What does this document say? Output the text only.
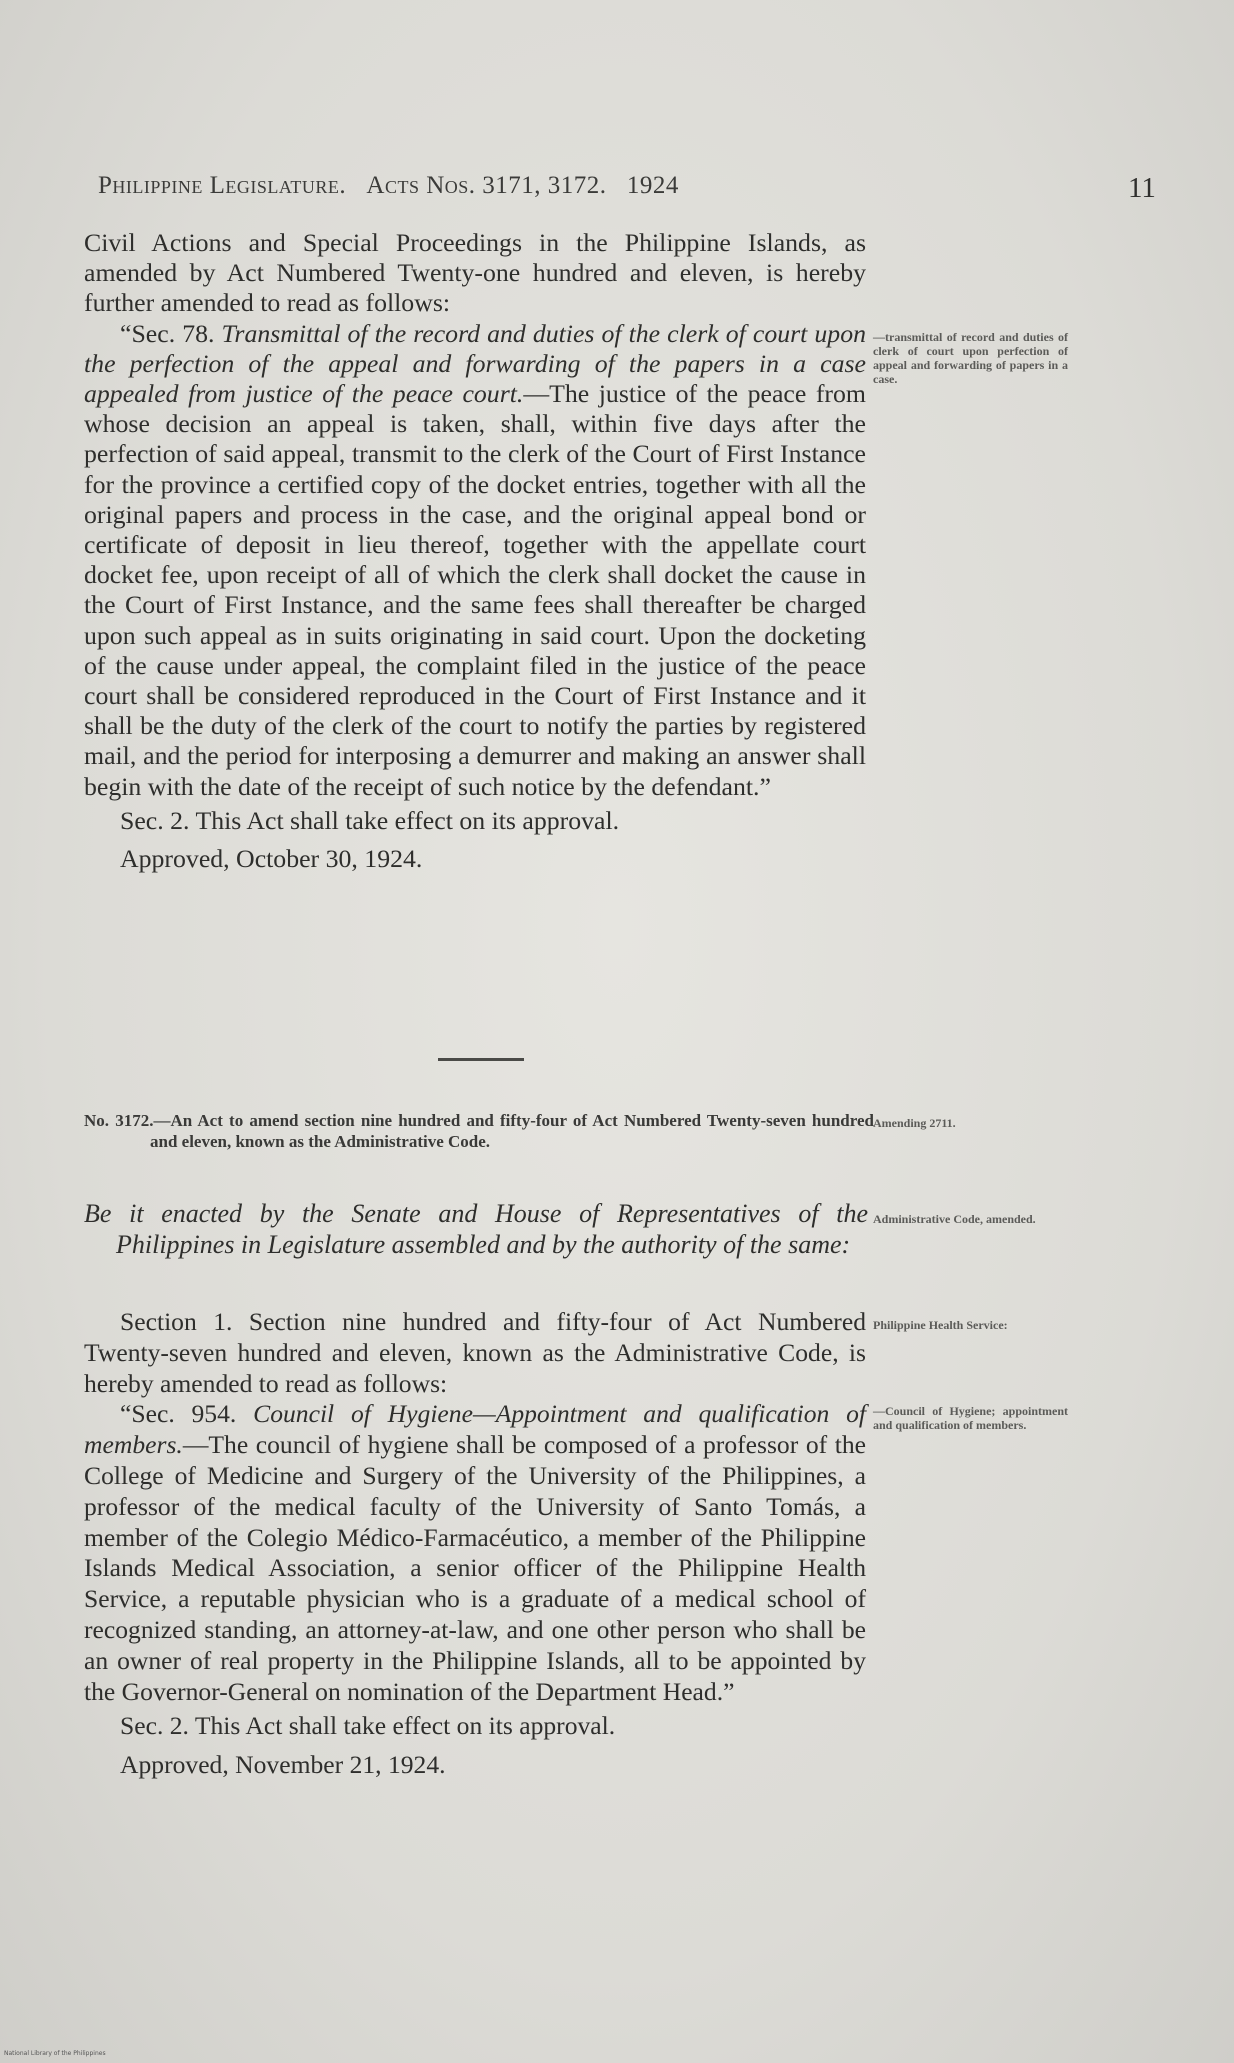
Philippine Legislature. Acts Nos. 3171, 3172. 1924	11

Civil Actions and Special Proceedings in the Philippine Islands, as amended by Act Numbered Twenty-one hundred and eleven, is hereby further amended to read as follows:

“Sec. 78. Transmittal of the record and duties of the clerk of court upon the perfection of the appeal and forwarding of the papers in a case appealed from justice of the peace court.—The justice of the peace from whose decision an appeal is taken, shall, within five days after the perfection of said appeal, transmit to the clerk of the Court of First Instance for the province a certified copy of the docket entries, together with all the original papers and process in the case, and the original appeal bond or certificate of deposit in lieu thereof, together with the appellate court docket fee, upon receipt of all of which the clerk shall docket the cause in the Court of First Instance, and the same fees shall thereafter be charged upon such appeal as in suits originating in said court. Upon the docketing of the cause under appeal, the complaint filed in the justice of the peace court shall be considered reproduced in the Court of First Instance and it shall be the duty of the clerk of the court to notify the parties by registered mail, and the period for interposing a demurrer and making an answer shall begin with the date of the receipt of such notice by the defendant.”

Sec. 2. This Act shall take effect on its approval.

Approved, October 30, 1924.

—transmittal of record and duties of clerk of court upon perfection of appeal and forwarding of papers in a case.
No. 3172.—An Act to amend section nine hundred and fifty-four of Act Numbered Twenty-seven hundred and eleven, known as the Administrative Code.
Amending 2711.
Be it enacted by the Senate and House of Representatives of the Philippines in Legislature assembled and by the authority of the same:
Administrative Code, amended.

Section 1. Section nine hundred and fifty-four of Act Numbered Twenty-seven hundred and eleven, known as the Administrative Code, is hereby amended to read as follows:

“Sec. 954. Council of Hygiene—Appointment and qualification of members.—The council of hygiene shall be composed of a professor of the College of Medicine and Surgery of the University of the Philippines, a professor of the medical faculty of the University of Santo Tomás, a member of the Colegio Médico-Farmacéutico, a member of the Philippine Islands Medical Association, a senior officer of the Philippine Health Service, a reputable physician who is a graduate of a medical school of recognized standing, an attorney-at-law, and one other person who shall be an owner of real property in the Philippine Islands, all to be appointed by the Governor-General on nomination of the Department Head.”

Sec. 2. This Act shall take effect on its approval.

Approved, November 21, 1924.

Philippine Health Service:
—Council of Hygiene; appointment and qualification of members.
National Library of the Philippines
